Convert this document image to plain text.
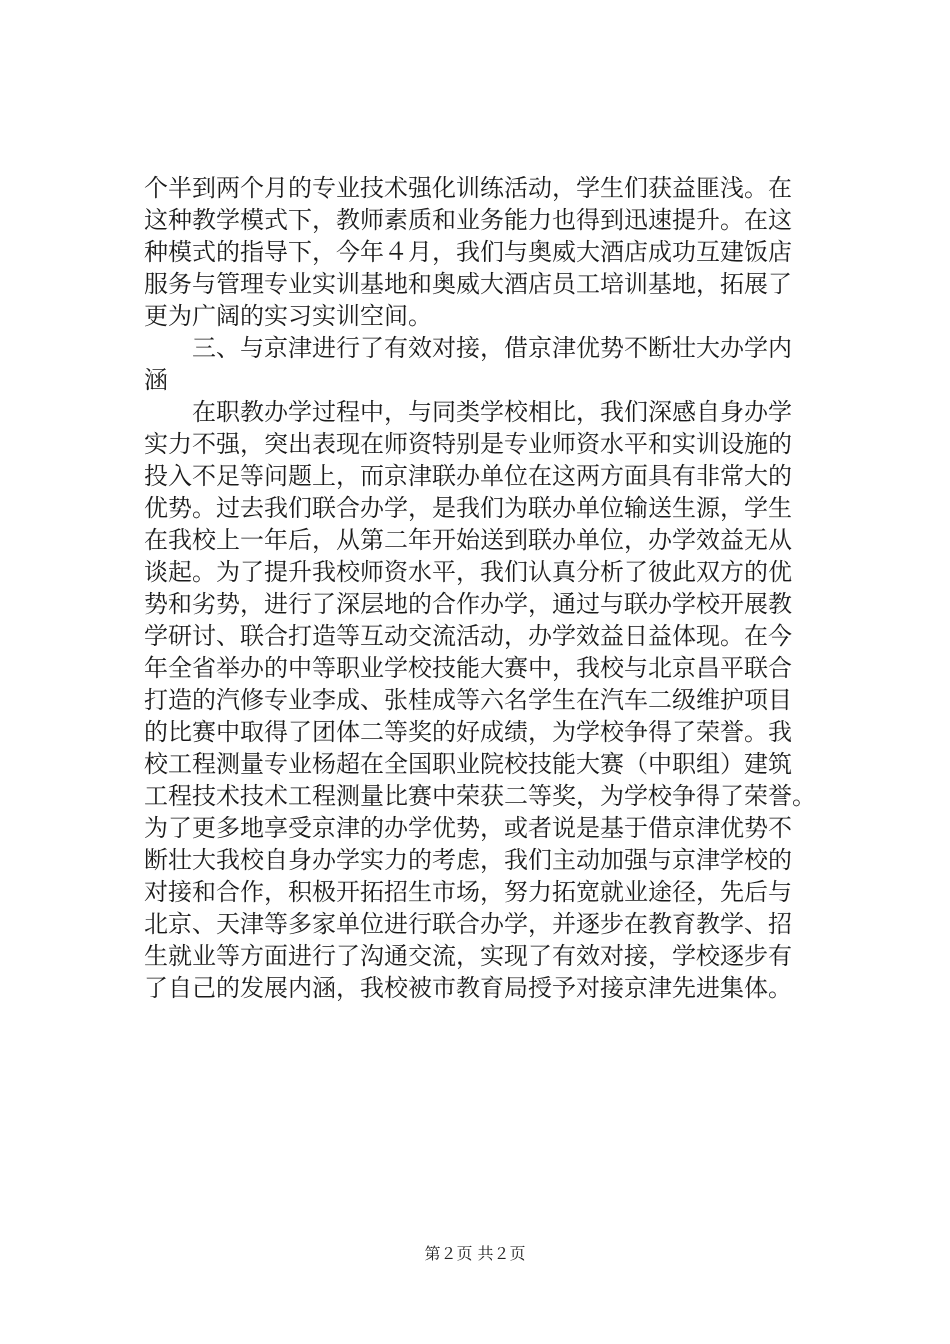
个半到两个月的专业技术强化训练活动，学生们获益匪浅。在
这种教学模式下，教师素质和业务能力也得到迅速提升。在这
种模式的指导下，今年４月，我们与奥威大酒店成功互建饭店
服务与管理专业实训基地和奥威大酒店员工培训基地，拓展了
更为广阔的实习实训空间。
三、与京津进行了有效对接，借京津优势不断壮大办学内
涵
在职教办学过程中，与同类学校相比，我们深感自身办学
实力不强，突出表现在师资特别是专业师资水平和实训设施的
投入不足等问题上，而京津联办单位在这两方面具有非常大的
优势。过去我们联合办学，是我们为联办单位输送生源，学生
在我校上一年后，从第二年开始送到联办单位，办学效益无从
谈起。为了提升我校师资水平，我们认真分析了彼此双方的优
势和劣势，进行了深层地的合作办学，通过与联办学校开展教
学研讨、联合打造等互动交流活动，办学效益日益体现。在今
年全省举办的中等职业学校技能大赛中，我校与北京昌平联合
打造的汽修专业李成、张桂成等六名学生在汽车二级维护项目
的比赛中取得了团体二等奖的好成绩，为学校争得了荣誉。我
校工程测量专业杨超在全国职业院校技能大赛（中职组）建筑
工程技术技术工程测量比赛中荣获二等奖，为学校争得了荣誉。
为了更多地享受京津的办学优势，或者说是基于借京津优势不
断壮大我校自身办学实力的考虑，我们主动加强与京津学校的
对接和合作，积极开拓招生市场，努力拓宽就业途径，先后与
北京、天津等多家单位进行联合办学，并逐步在教育教学、招
生就业等方面进行了沟通交流，实现了有效对接，学校逐步有
了自己的发展内涵，我校被市教育局授予对接京津先进集体。
第２页 共２页
